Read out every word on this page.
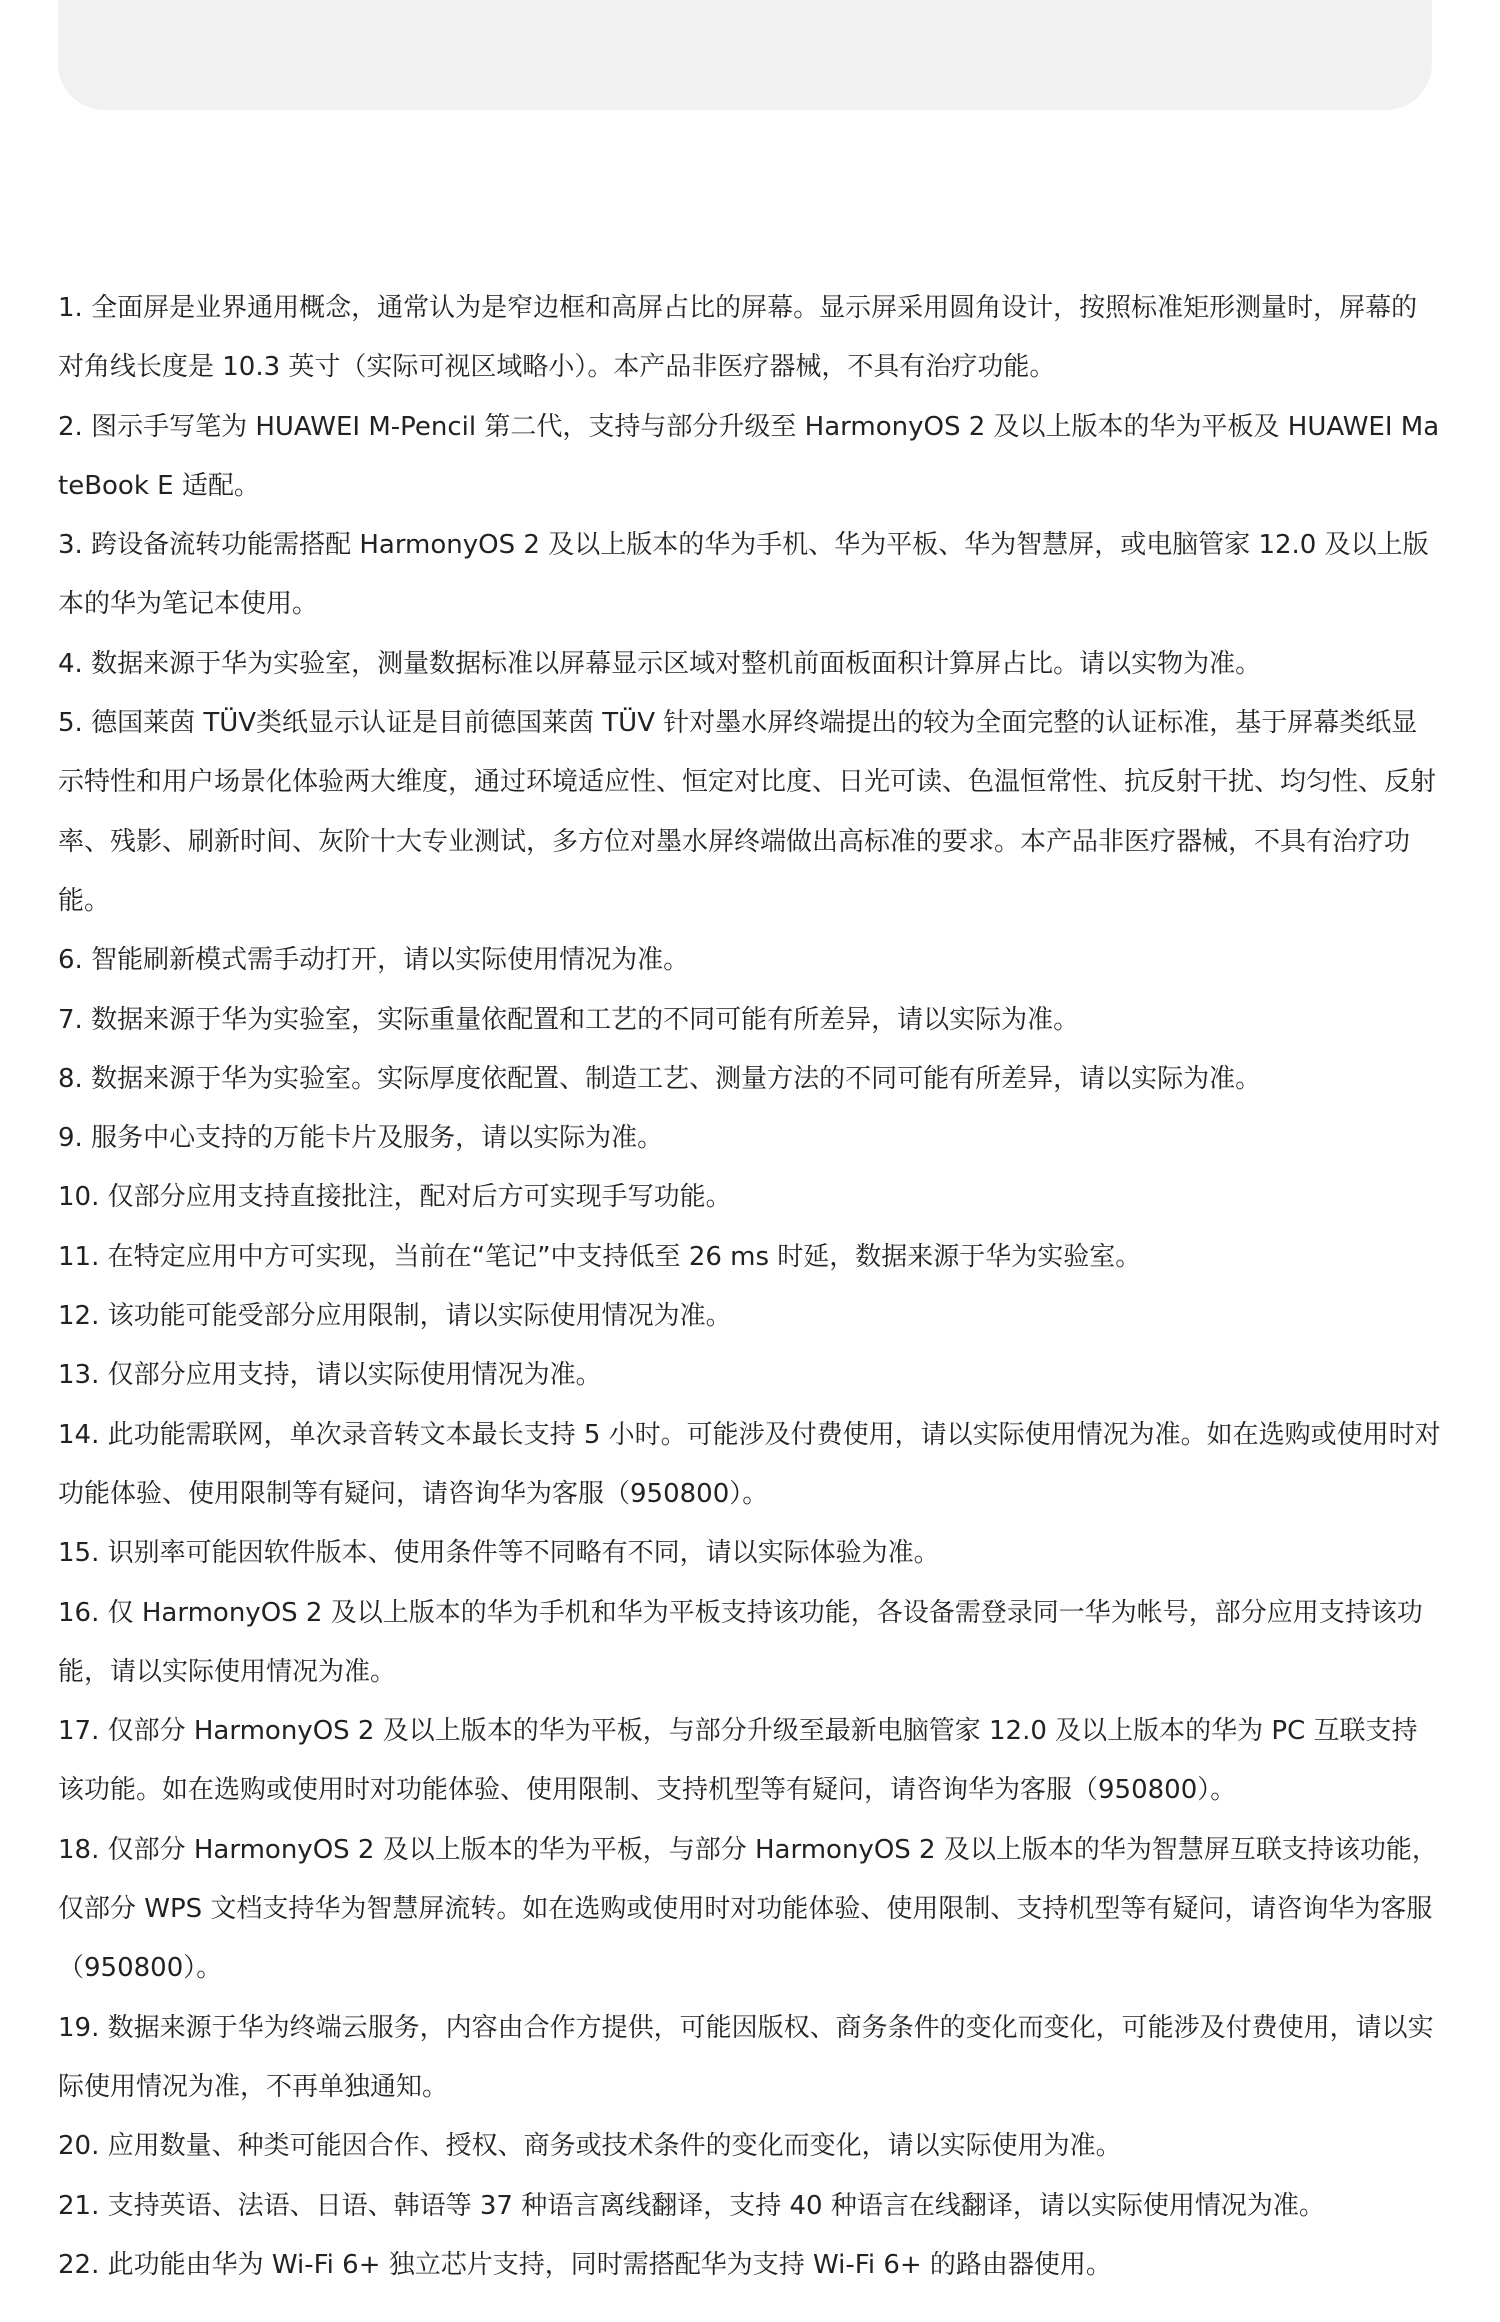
1. 全面屏是业界通用概念，通常认为是窄边框和高屏占比的屏幕。显示屏采用圆角设计，按照标准矩形测量时，屏幕的对角线长度是 10.3 英寸（实际可视区域略小）。本产品非医疗器械，不具有治疗功能。
2. 图示手写笔为 HUAWEI M-Pencil 第二代，支持与部分升级至 HarmonyOS 2 及以上版本的华为平板及 HUAWEI MateBook E 适配。
3. 跨设备流转功能需搭配 HarmonyOS 2 及以上版本的华为手机、华为平板、华为智慧屏，或电脑管家 12.0 及以上版本的华为笔记本使用。
4. 数据来源于华为实验室，测量数据标准以屏幕显示区域对整机前面板面积计算屏占比。请以实物为准。
5. 德国莱茵 TÜV类纸显示认证是目前德国莱茵 TÜV 针对墨水屏终端提出的较为全面完整的认证标准，基于屏幕类纸显示特性和用户场景化体验两大维度，通过环境适应性、恒定对比度、日光可读、色温恒常性、抗反射干扰、均匀性、反射率、残影、刷新时间、灰阶十大专业测试，多方位对墨水屏终端做出高标准的要求。本产品非医疗器械，不具有治疗功能。
6. 智能刷新模式需手动打开，请以实际使用情况为准。
7. 数据来源于华为实验室，实际重量依配置和工艺的不同可能有所差异，请以实际为准。
8. 数据来源于华为实验室。实际厚度依配置、制造工艺、测量方法的不同可能有所差异，请以实际为准。
9. 服务中心支持的万能卡片及服务，请以实际为准。
10. 仅部分应用支持直接批注，配对后方可实现手写功能。
11. 在特定应用中方可实现，当前在“笔记”中支持低至 26 ms 时延，数据来源于华为实验室。
12. 该功能可能受部分应用限制，请以实际使用情况为准。
13. 仅部分应用支持，请以实际使用情况为准。
14. 此功能需联网，单次录音转文本最长支持 5 小时。可能涉及付费使用，请以实际使用情况为准。如在选购或使用时对功能体验、使用限制等有疑问，请咨询华为客服（950800）。
15. 识别率可能因软件版本、使用条件等不同略有不同，请以实际体验为准。
16. 仅 HarmonyOS 2 及以上版本的华为手机和华为平板支持该功能，各设备需登录同一华为帐号，部分应用支持该功能，请以实际使用情况为准。
17. 仅部分 HarmonyOS 2 及以上版本的华为平板，与部分升级至最新电脑管家 12.0 及以上版本的华为 PC 互联支持该功能。如在选购或使用时对功能体验、使用限制、支持机型等有疑问，请咨询华为客服（950800）。
18. 仅部分 HarmonyOS 2 及以上版本的华为平板，与部分 HarmonyOS 2 及以上版本的华为智慧屏互联支持该功能，仅部分 WPS 文档支持华为智慧屏流转。如在选购或使用时对功能体验、使用限制、支持机型等有疑问，请咨询华为客服（950800）。
19. 数据来源于华为终端云服务，内容由合作方提供，可能因版权、商务条件的变化而变化，可能涉及付费使用，请以实际使用情况为准，不再单独通知。
20. 应用数量、种类可能因合作、授权、商务或技术条件的变化而变化，请以实际使用为准。
21. 支持英语、法语、日语、韩语等 37 种语言离线翻译，支持 40 种语言在线翻译，请以实际使用情况为准。
22. 此功能由华为 Wi-Fi 6+ 独立芯片支持，同时需搭配华为支持 Wi-Fi 6+ 的路由器使用。
